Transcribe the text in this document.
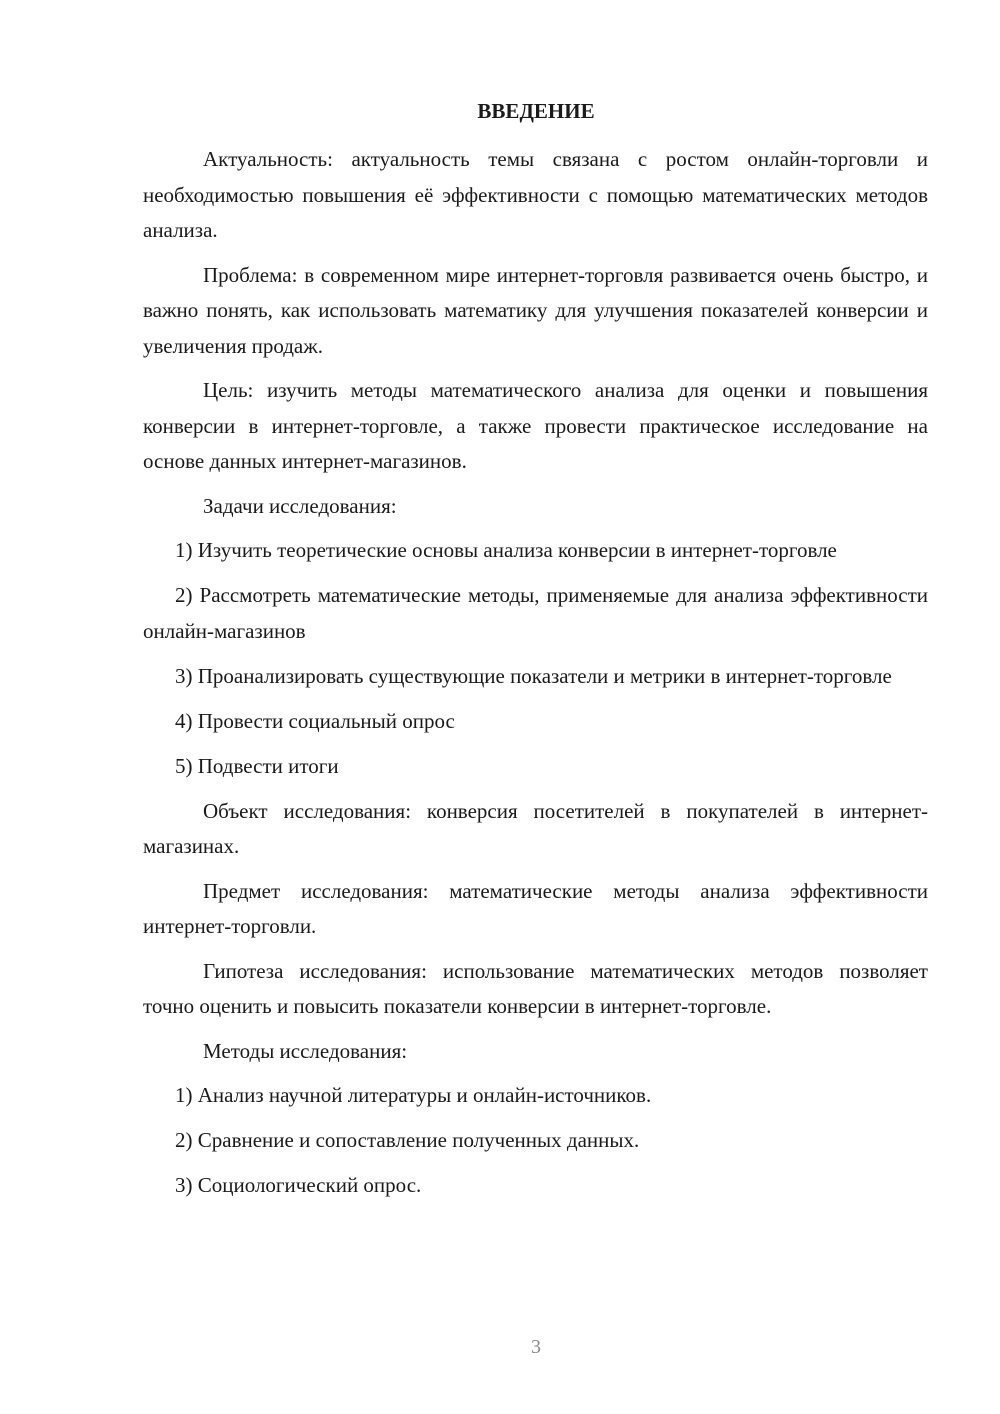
ВВЕДЕНИЕ

Актуальность: актуальность темы связана с ростом онлайн-торговли и необходимостью повышения её эффективности с помощью математических методов анализа.

Проблема: в современном мире интернет-торговля развивается очень быстро, и важно понять, как использовать математику для улучшения показателей конверсии и увеличения продаж.

Цель: изучить методы математического анализа для оценки и повышения конверсии в интернет-торговле, а также провести практическое исследование на основе данных интернет-магазинов.

Задачи исследования:

1) Изучить теоретические основы анализа конверсии в интернет-торговле

2) Рассмотреть математические методы, применяемые для анализа эффективности онлайн-магазинов

3) Проанализировать существующие показатели и метрики в интернет-торговле

4) Провести социальный опрос

5) Подвести итоги

Объект исследования: конверсия посетителей в покупателей в интернет-магазинах.

Предмет исследования: математические методы анализа эффективности интернет-торговли.

Гипотеза исследования: использование математических методов позволяет точно оценить и повысить показатели конверсии в интернет-торговле.

Методы исследования:

1) Анализ научной литературы и онлайн-источников.

2) Сравнение и сопоставление полученных данных.

3) Социологический опрос.

3
